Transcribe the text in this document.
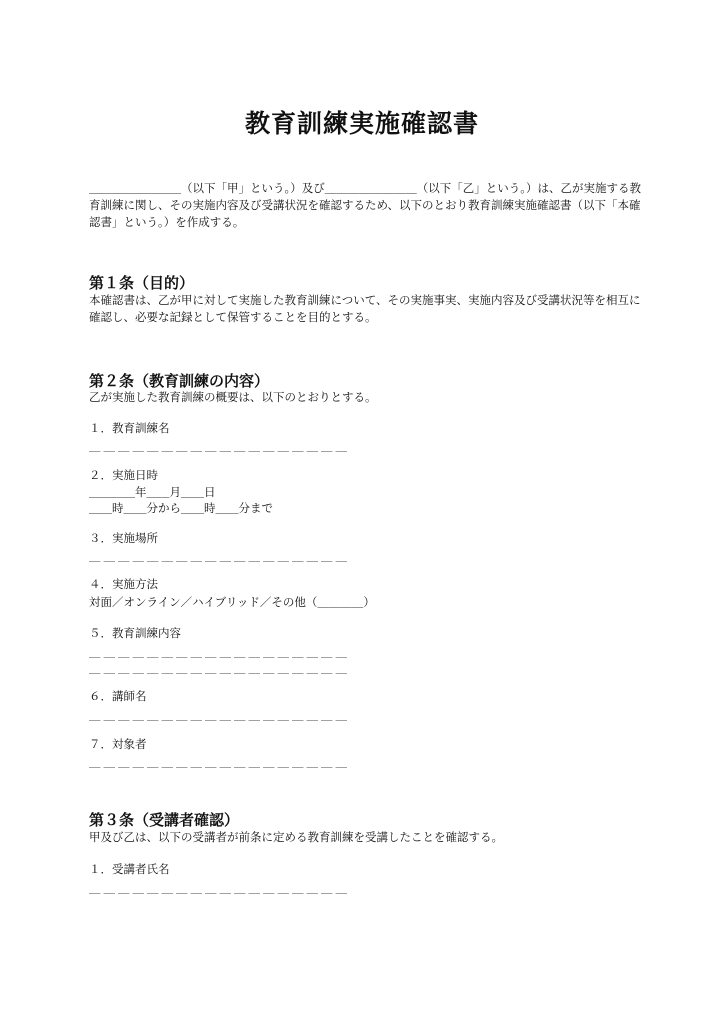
教育訓練実施確認書

＿＿＿＿＿＿＿＿（以下「甲」という。）及び＿＿＿＿＿＿＿＿（以下「乙」という。）は、乙が実施する教育訓練に関し、その実施内容及び受講状況を確認するため、以下のとおり教育訓練実施確認書（以下「本確認書」という。）を作成する。

第１条（目的）

本確認書は、乙が甲に対して実施した教育訓練について、その実施事実、実施内容及び受講状況等を相互に確認し、必要な記録として保管することを目的とする。

第２条（教育訓練の内容）

乙が実施した教育訓練の概要は、以下のとおりとする。

１．教育訓練名

＿＿＿＿＿＿＿＿＿＿＿＿＿＿＿＿＿＿

２．実施日時

＿＿＿＿年＿＿月＿＿日

＿＿時＿＿分から＿＿時＿＿分まで

３．実施場所

＿＿＿＿＿＿＿＿＿＿＿＿＿＿＿＿＿＿

４．実施方法

対面／オンライン／ハイブリッド／その他（＿＿＿＿）

５．教育訓練内容

＿＿＿＿＿＿＿＿＿＿＿＿＿＿＿＿＿＿

＿＿＿＿＿＿＿＿＿＿＿＿＿＿＿＿＿＿

６．講師名

＿＿＿＿＿＿＿＿＿＿＿＿＿＿＿＿＿＿

７．対象者

＿＿＿＿＿＿＿＿＿＿＿＿＿＿＿＿＿＿

第３条（受講者確認）

甲及び乙は、以下の受講者が前条に定める教育訓練を受講したことを確認する。

１．受講者氏名

＿＿＿＿＿＿＿＿＿＿＿＿＿＿＿＿＿＿
